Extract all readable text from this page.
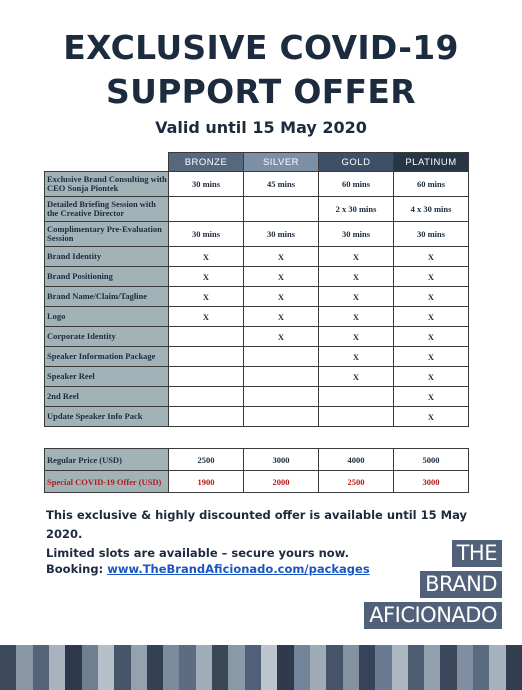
EXCLUSIVE COVID-19
SUPPORT OFFER
Valid until 15 May 2020
	BRONZE	SILVER	GOLD	PLATINUM
Exclusive Brand Consulting with CEO Sonja Piontek	30 mins	45 mins	60 mins	60 mins
Detailed Briefing Session with the Creative Director			2 x 30 mins	4 x 30 mins
Complimentary Pre-Evaluation Session	30 mins	30 mins	30 mins	30 mins
Brand Identity	X	X	X	X
Brand Positioning	X	X	X	X
Brand Name/Claim/Tagline	X	X	X	X
Logo	X	X	X	X
Corporate Identity		X	X	X
Speaker Information Package			X	X
Speaker Reel			X	X
2nd Reel				X
Update Speaker Info Pack				X
Regular Price (USD)	2500	3000	4000	5000
Special COVID-19 Offer (USD)	1900	2000	2500	3000
This exclusive & highly discounted offer is available until 15 May 2020.
Limited slots are available – secure yours now.
Booking: www.TheBrandAficionado.com/packages
THE
BRAND
AFICIONADO
